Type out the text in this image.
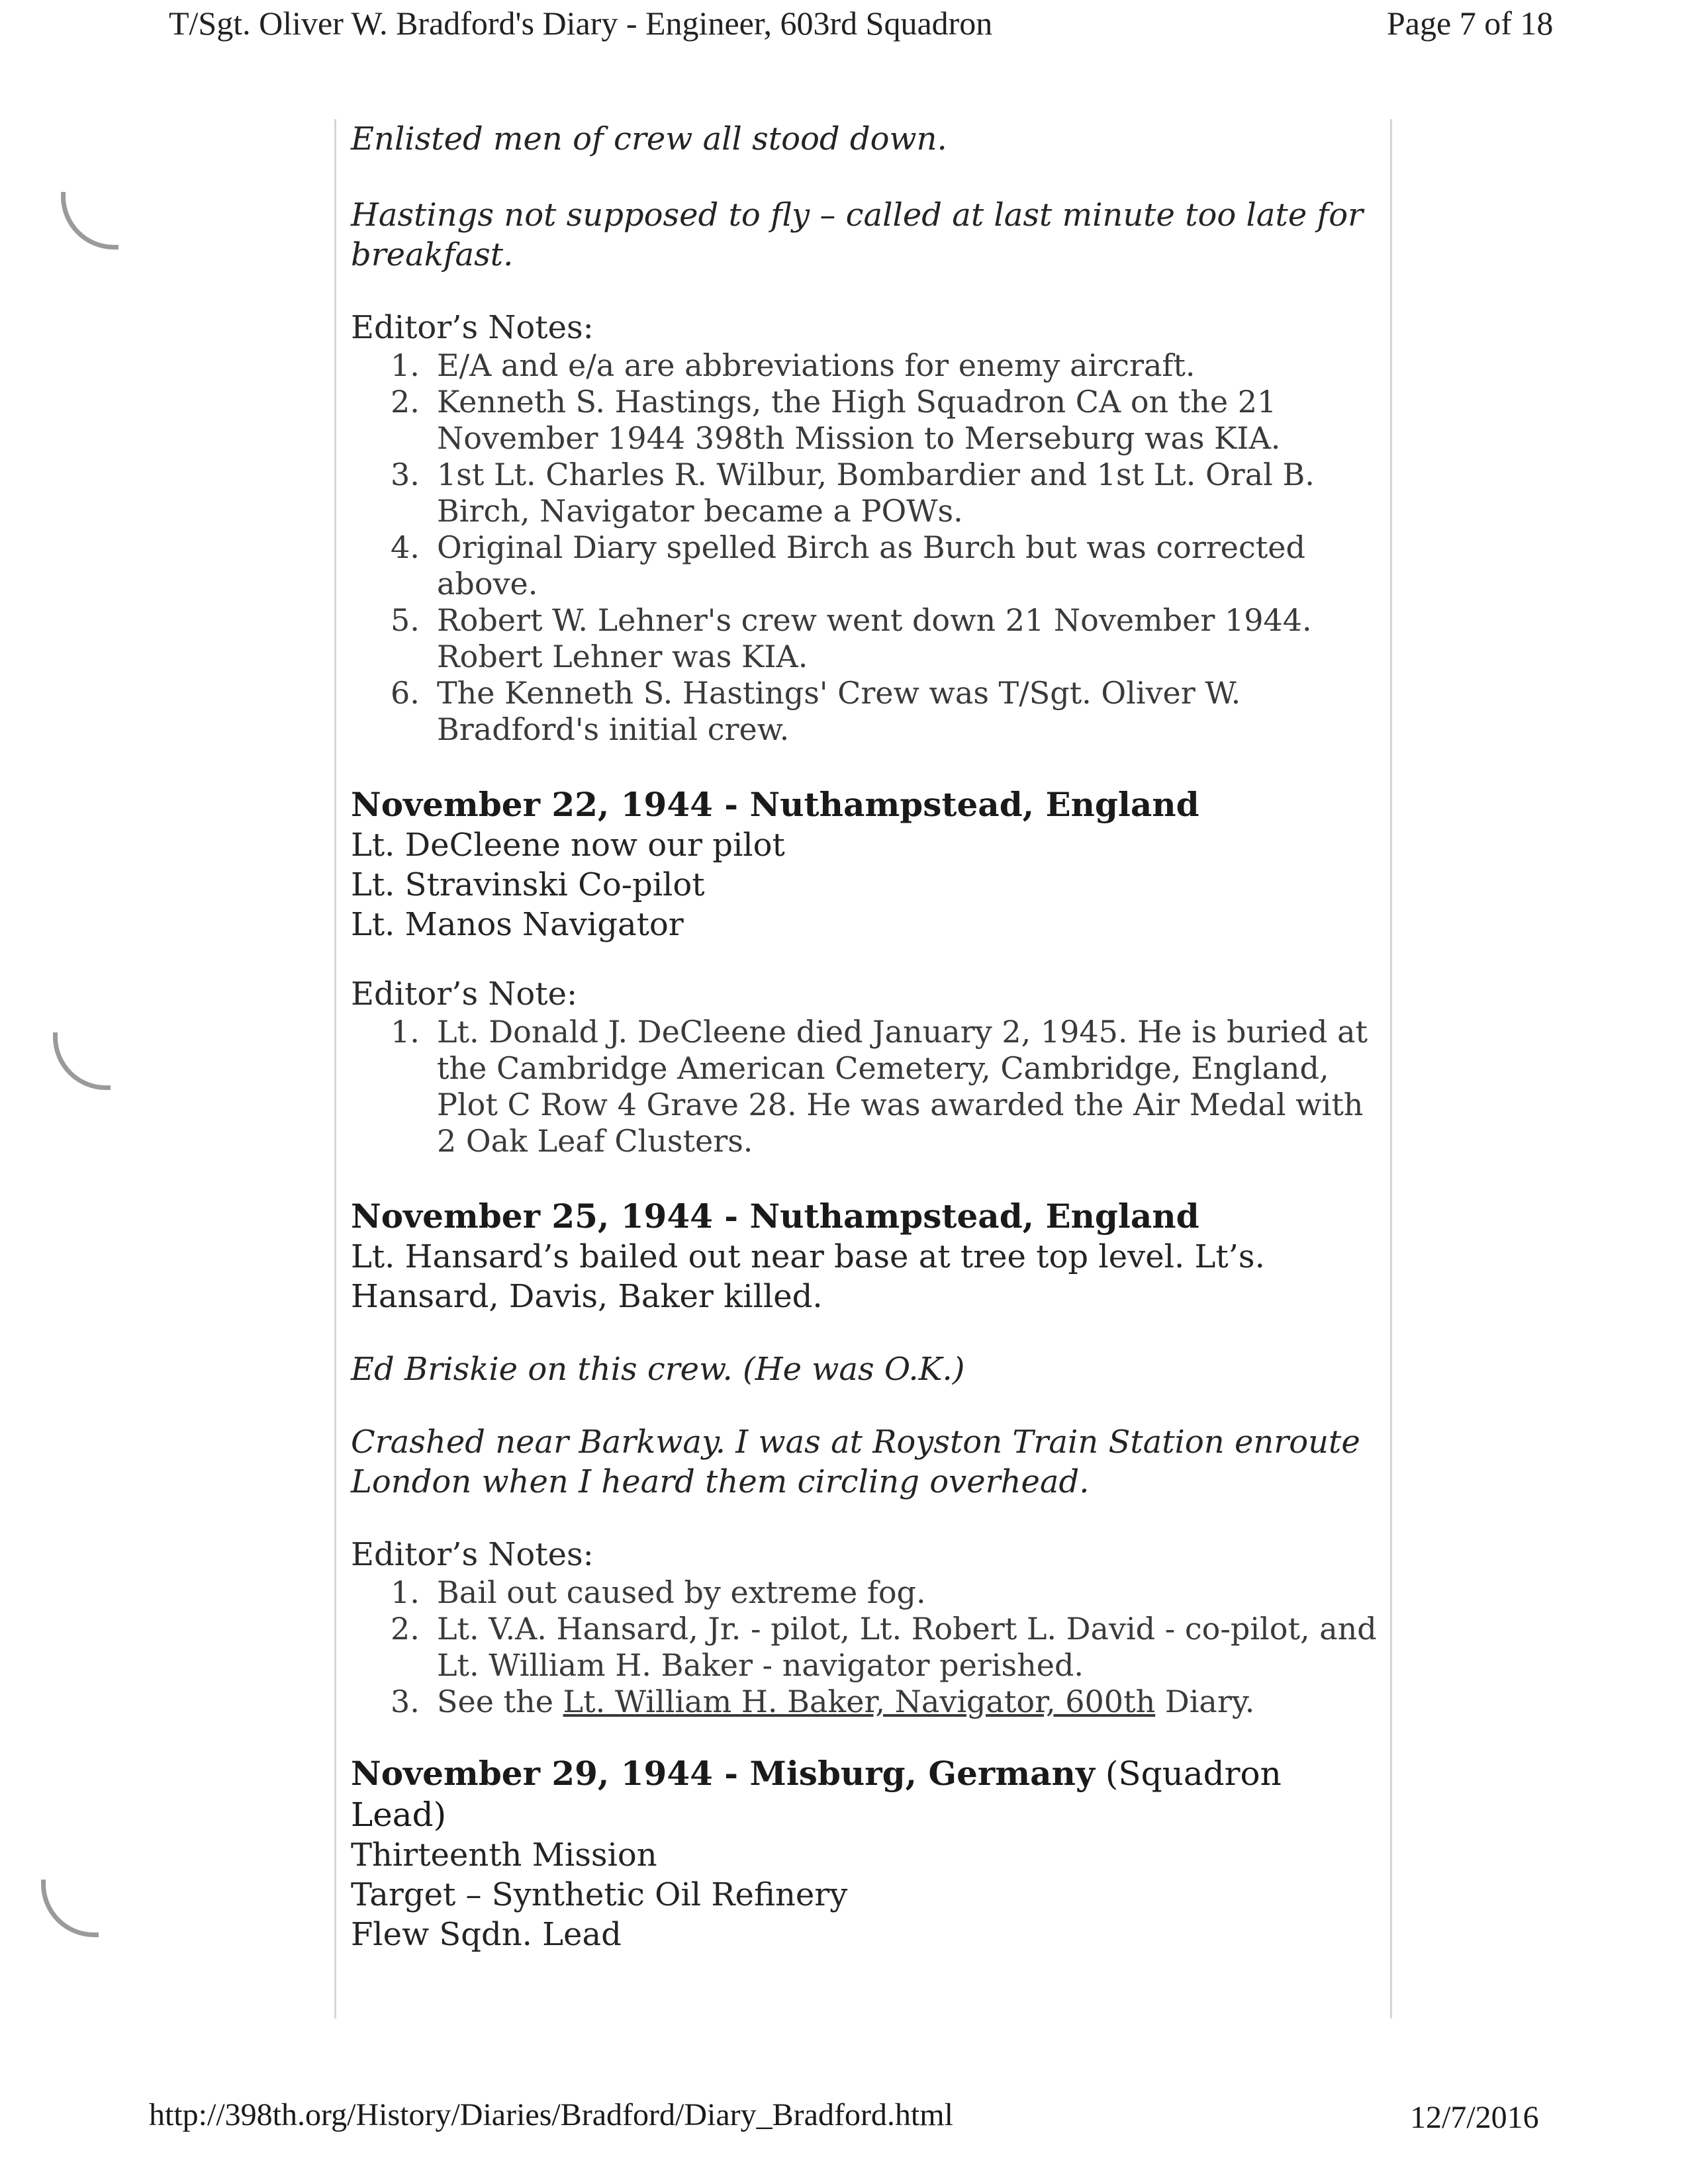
T/Sgt. Oliver W. Bradford's Diary - Engineer, 603rd Squadron	Page 7 of 18
Enlisted men of crew all stood down.
Hastings not supposed to fly – called at last minute too late for breakfast.
Editor’s Notes:
1. E/A and e/a are abbreviations for enemy aircraft.
2. Kenneth S. Hastings, the High Squadron CA on the 21 November 1944 398th Mission to Merseburg was KIA.
3. 1st Lt. Charles R. Wilbur, Bombardier and 1st Lt. Oral B. Birch, Navigator became a POWs.
4. Original Diary spelled Birch as Burch but was corrected above.
5. Robert W. Lehner's crew went down 21 November 1944. Robert Lehner was KIA.
6. The Kenneth S. Hastings' Crew was T/Sgt. Oliver W. Bradford's initial crew.
November 22, 1944 - Nuthampstead, England
Lt. DeCleene now our pilot
Lt. Stravinski Co-pilot
Lt. Manos Navigator
Editor’s Note:
1. Lt. Donald J. DeCleene died January 2, 1945. He is buried at the Cambridge American Cemetery, Cambridge, England, Plot C Row 4 Grave 28. He was awarded the Air Medal with 2 Oak Leaf Clusters.
November 25, 1944 - Nuthampstead, England
Lt. Hansard’s bailed out near base at tree top level. Lt’s. Hansard, Davis, Baker killed.
Ed Briskie on this crew. (He was O.K.)
Crashed near Barkway. I was at Royston Train Station enroute London when I heard them circling overhead.
Editor’s Notes:
1. Bail out caused by extreme fog.
2. Lt. V.A. Hansard, Jr. - pilot, Lt. Robert L. David - co-pilot, and Lt. William H. Baker - navigator perished.
3. See the Lt. William H. Baker, Navigator, 600th Diary.
November 29, 1944 - Misburg, Germany (Squadron Lead)
Thirteenth Mission
Target – Synthetic Oil Refinery
Flew Sqdn. Lead
http://398th.org/History/Diaries/Bradford/Diary_Bradford.html	12/7/2016
